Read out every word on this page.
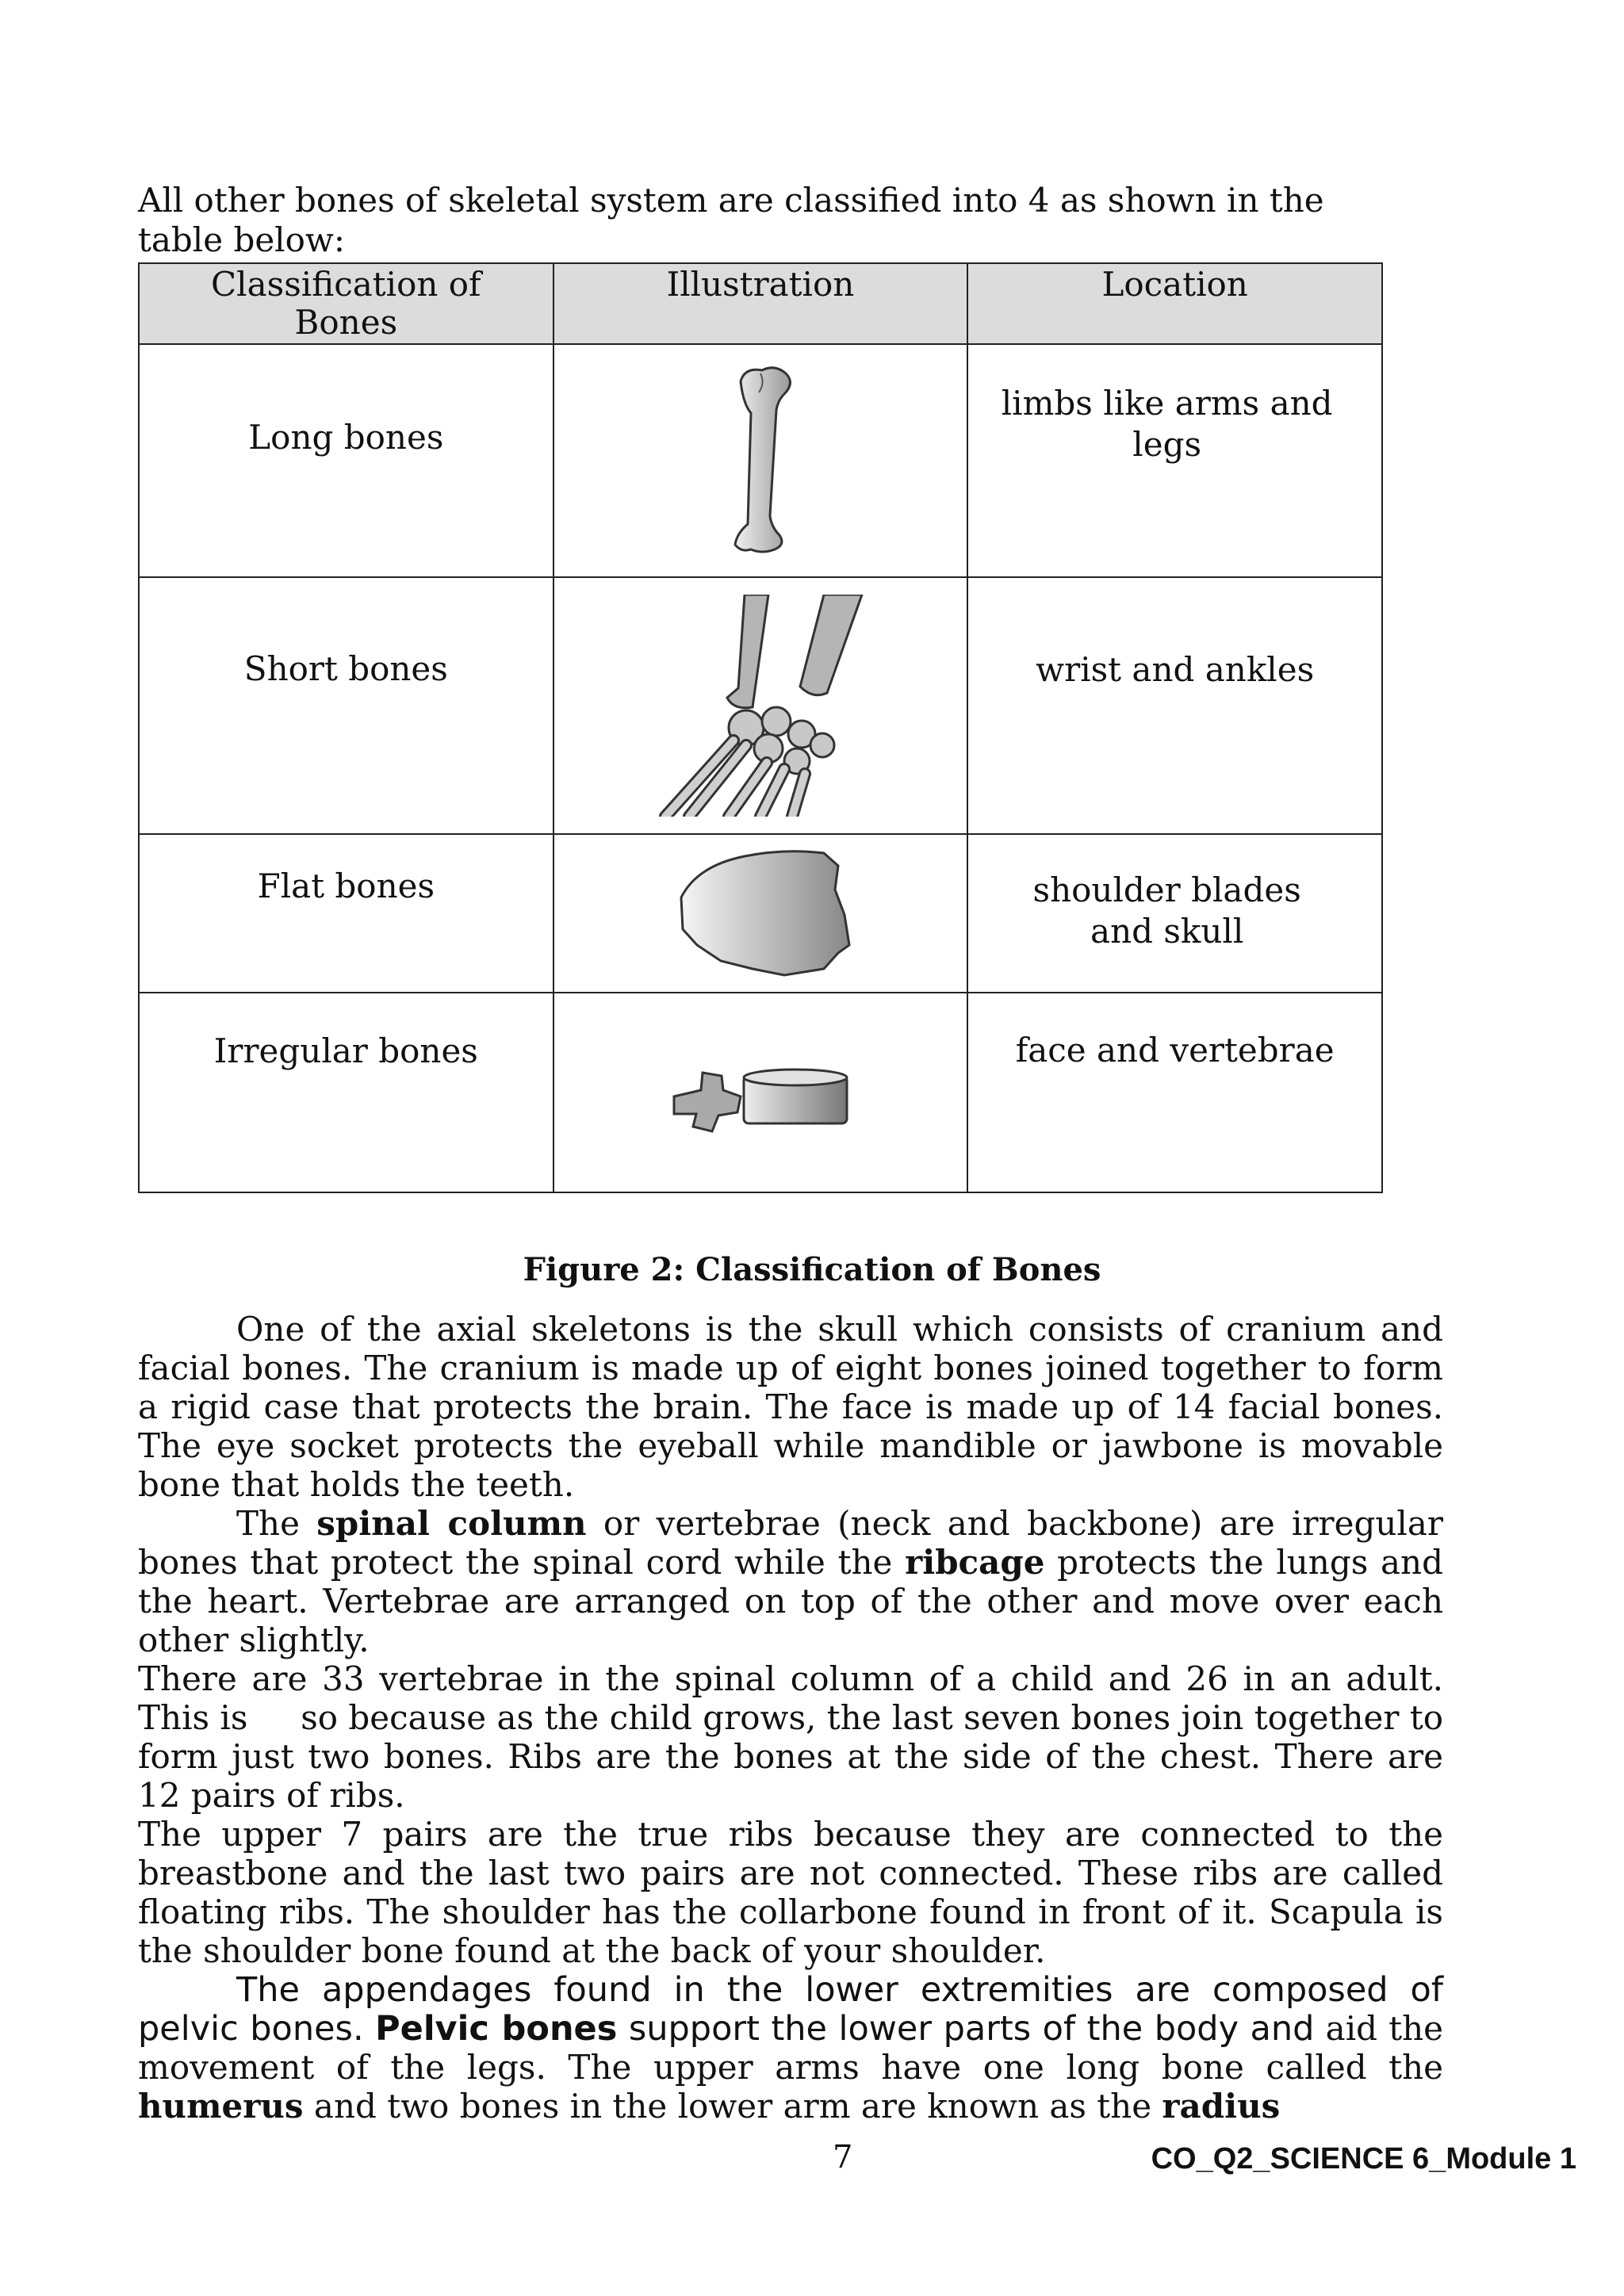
All other bones of skeletal system are classified into 4 as shown in the table below:

Classification of Bones	Illustration	Location
Long bones		limbs like arms and legs
Short bones		wrist and ankles
Flat bones		shoulder blades and skull
Irregular bones		face and vertebrae

Figure 2: Classification of Bones

One of the axial skeletons is the skull which consists of cranium and facial bones. The cranium is made up of eight bones joined together to form a rigid case that protects the brain. The face is made up of 14 facial bones. The eye socket protects the eyeball while mandible or jawbone is movable bone that holds the teeth.

The spinal column or vertebrae (neck and backbone) are irregular bones that protect the spinal cord while the ribcage protects the lungs and the heart. Vertebrae are arranged on top of the other and move over each other slightly.

There are 33 vertebrae in the spinal column of a child and 26 in an adult. This is     so because as the child grows, the last seven bones join together to form just two bones. Ribs are the bones at the side of the chest. There are 12 pairs of ribs.

The upper 7 pairs are the true ribs because they are connected to the breastbone and the last two pairs are not connected. These ribs are called floating ribs. The shoulder has the collarbone found in front of it. Scapula is the shoulder bone found at the back of your shoulder.

The appendages found in the lower extremities are composed of pelvic bones. Pelvic bones support the lower parts of the body and aid the movement of the legs. The upper arms have one long bone called the humerus and two bones in the lower arm are known as the radius

7	CO_Q2_SCIENCE 6_Module 1
